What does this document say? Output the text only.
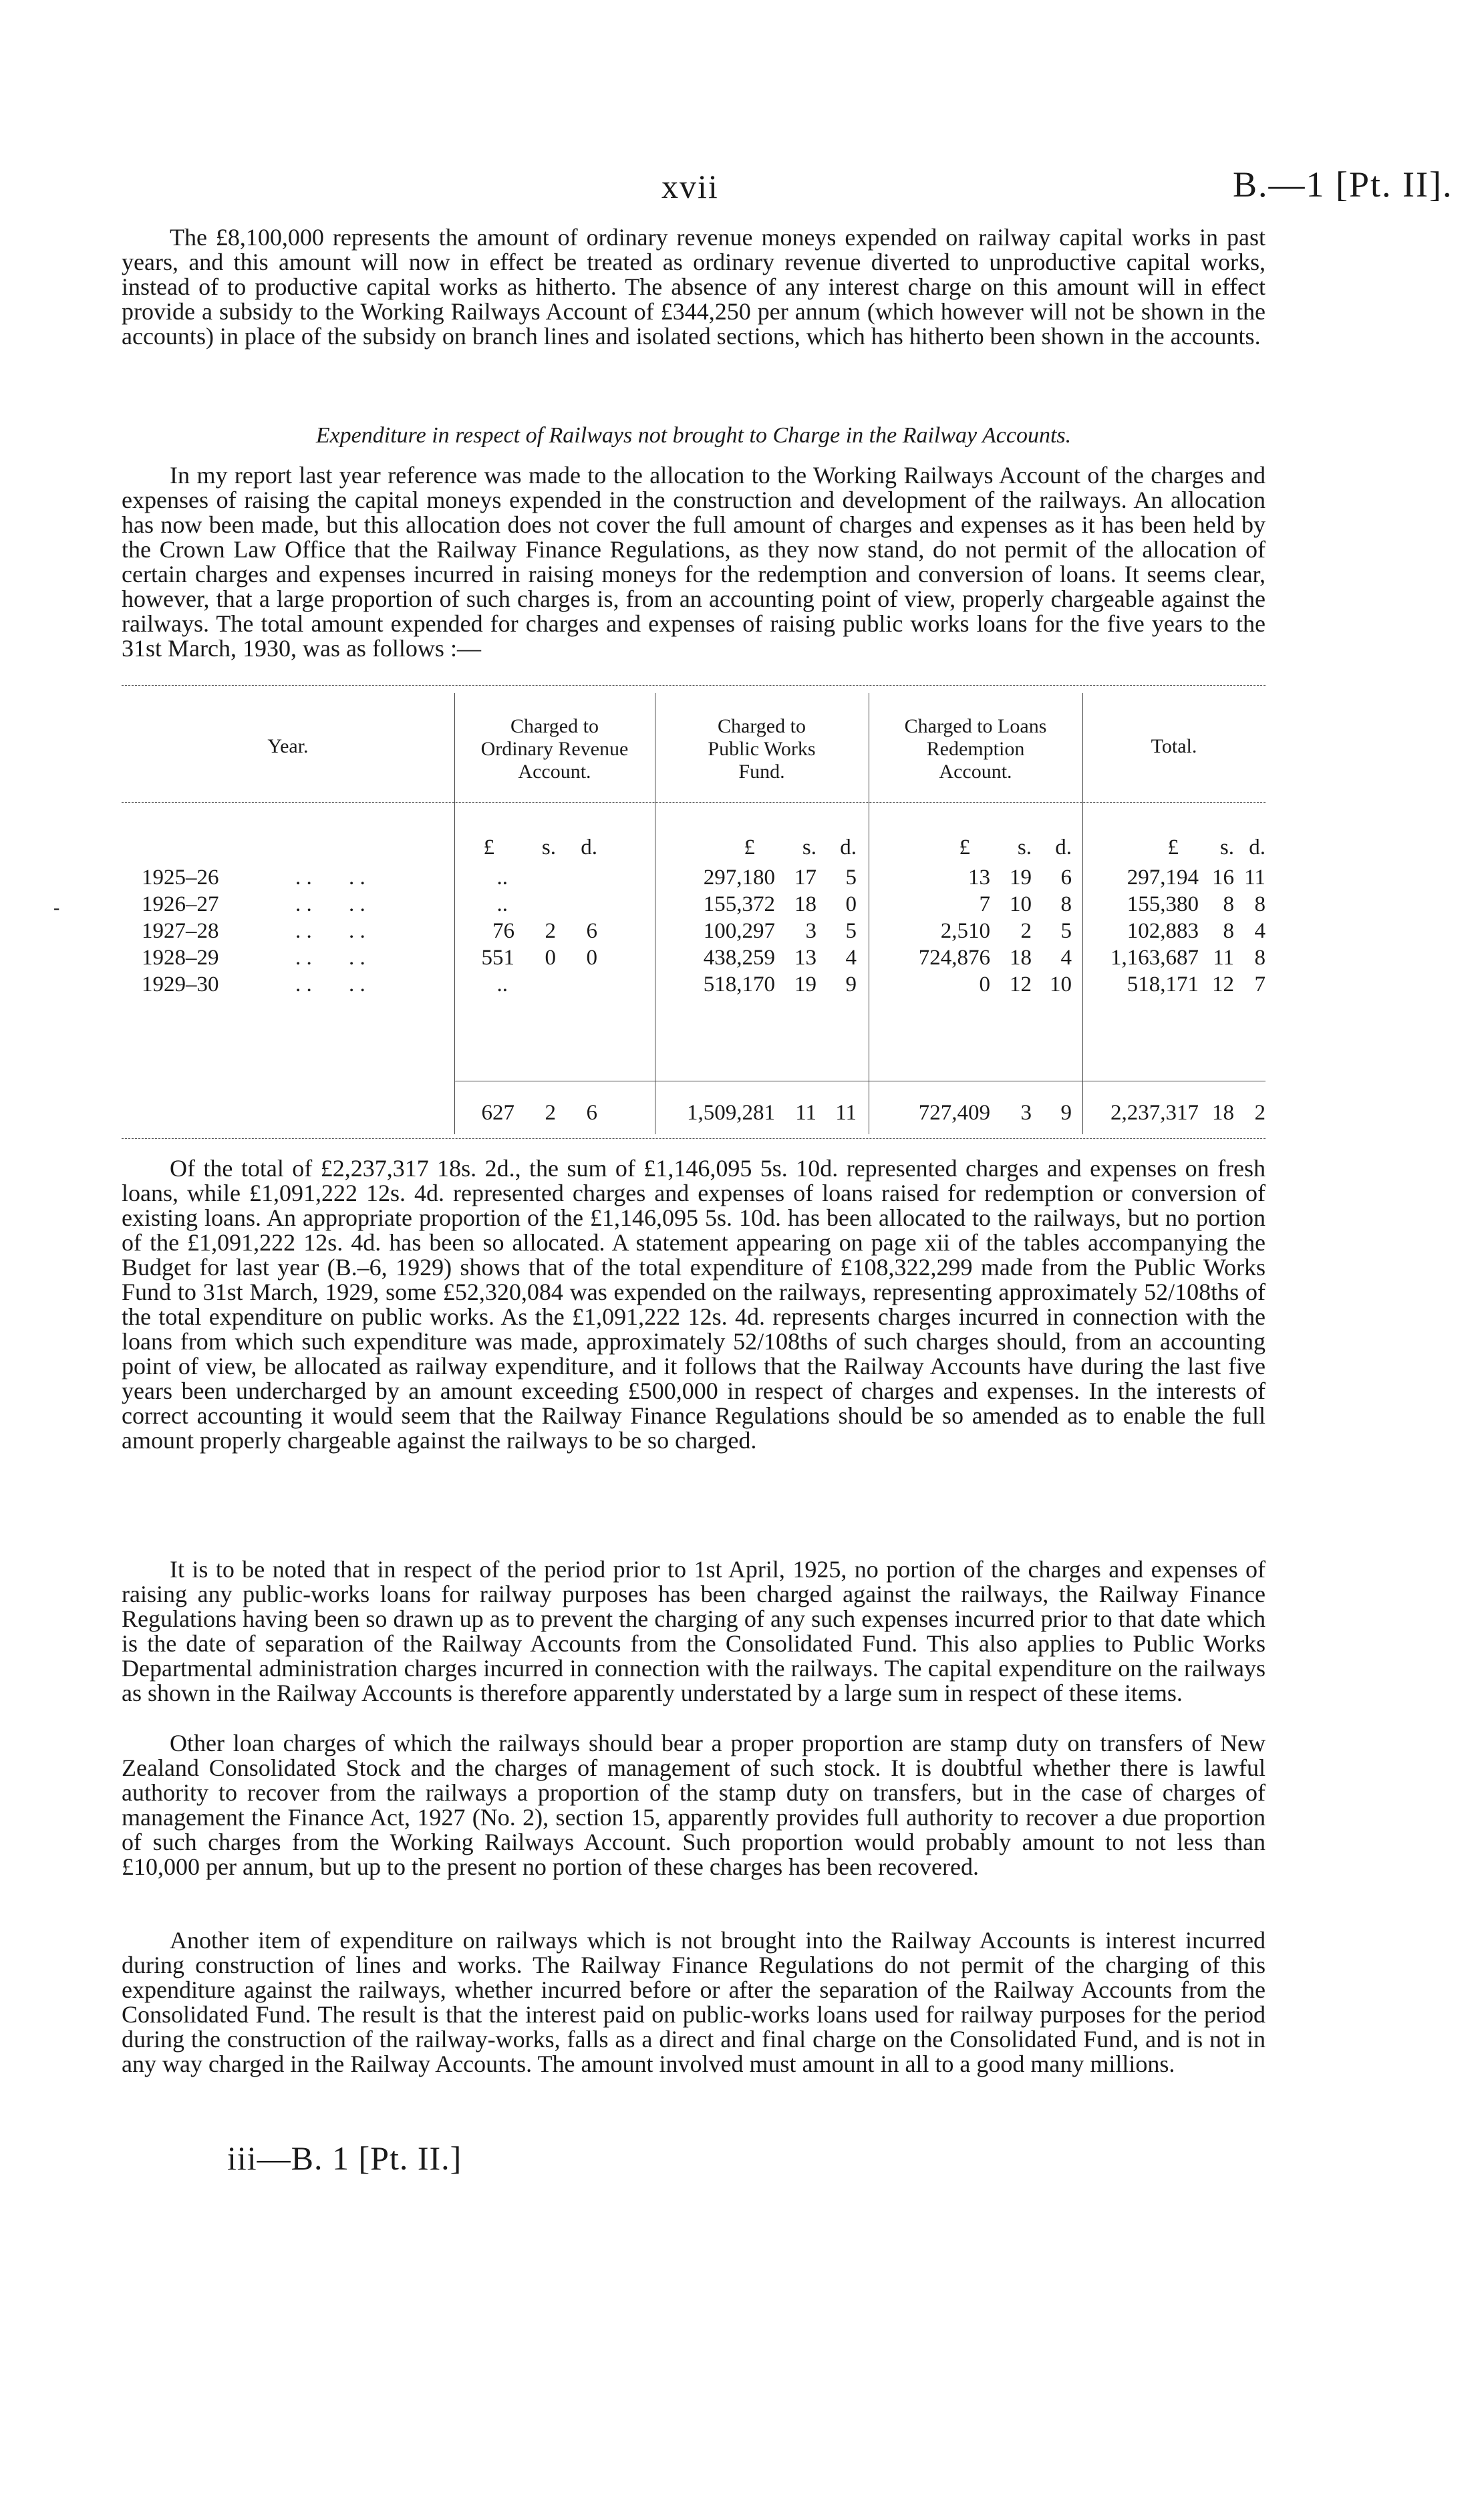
xvii	B.—1 [Pt. II].

The £8,100,000 represents the amount of ordinary revenue moneys expended on railway capital works in past years, and this amount will now in effect be treated as ordinary revenue diverted to unproductive capital works, instead of to productive capital works as hitherto. The absence of any interest charge on this amount will in effect provide a subsidy to the Working Railways Account of £344,250 per annum (which however will not be shown in the accounts) in place of the subsidy on branch lines and isolated sections, which has hitherto been shown in the accounts.

Expenditure in respect of Railways not brought to Charge in the Railway Accounts.

In my report last year reference was made to the allocation to the Working Railways Account of the charges and expenses of raising the capital moneys expended in the construction and development of the railways. An allocation has now been made, but this allocation does not cover the full amount of charges and expenses as it has been held by the Crown Law Office that the Railway Finance Regulations, as they now stand, do not permit of the allocation of certain charges and expenses incurred in raising moneys for the redemption and conversion of loans. It seems clear, however, that a large proportion of such charges is, from an accounting point of view, properly chargeable against the railways. The total amount expended for charges and expenses of raising public works loans for the five years to the 31st March, 1930, was as follows :—

-
Year.
Charged to
Ordinary Revenue
Account.
Charged to
Public Works
Fund.
Charged to Loans
Redemption
Account.
Total.
£	s.	d.	£	s.	d.	£	s.	d.	£	s. d.
1925–26	. . . .	..	297,180 17	5	13 19	6	297,194 16 11
1926–27	. . . .	..	155,372 18	0	7 10	8	155,380	8 8
1927–28	. . . .	76	2	6	100,297	3	5	2,510	2	5	102,883	8 4
1928–29	. . . .	551	0	0	438,259 13	4	724,876 18	4	1,163,687 11 8
1929–30	. . . .	..	518,170 19	9	0 12 10	518,171 12 7
627	2	6	1,509,281 11 11	727,409	3	9	2,237,317 18 2

Of the total of £2,237,317 18s. 2d., the sum of £1,146,095 5s. 10d. represented charges and expenses on fresh loans, while £1,091,222 12s. 4d. represented charges and expenses of loans raised for redemption or conversion of existing loans. An appropriate proportion of the £1,146,095 5s. 10d. has been allocated to the railways, but no portion of the £1,091,222 12s. 4d. has been so allocated. A statement appearing on page xii of the tables accompanying the Budget for last year (B.–6, 1929) shows that of the total expenditure of £108,322,299 made from the Public Works Fund to 31st March, 1929, some £52,320,084 was expended on the railways, representing approximately 52/108ths of the total expenditure on public works. As the £1,091,222 12s. 4d. represents charges incurred in connection with the loans from which such expenditure was made, approximately 52/108ths of such charges should, from an accounting point of view, be allocated as railway expenditure, and it follows that the Railway Accounts have during the last five years been undercharged by an amount exceeding £500,000 in respect of charges and expenses. In the interests of correct accounting it would seem that the Railway Finance Regulations should be so amended as to enable the full amount properly chargeable against the railways to be so charged.

It is to be noted that in respect of the period prior to 1st April, 1925, no portion of the charges and expenses of raising any public-works loans for railway purposes has been charged against the railways, the Railway Finance Regulations having been so drawn up as to prevent the charging of any such expenses incurred prior to that date which is the date of separation of the Railway Accounts from the Consolidated Fund. This also applies to Public Works Departmental administration charges incurred in connection with the railways. The capital expenditure on the railways as shown in the Railway Accounts is therefore apparently understated by a large sum in respect of these items.

Other loan charges of which the railways should bear a proper proportion are stamp duty on transfers of New Zealand Consolidated Stock and the charges of management of such stock. It is doubtful whether there is lawful authority to recover from the railways a proportion of the stamp duty on transfers, but in the case of charges of management the Finance Act, 1927 (No. 2), section 15, apparently provides full authority to recover a due proportion of such charges from the Working Railways Account. Such proportion would probably amount to not less than £10,000 per annum, but up to the present no portion of these charges has been recovered.

Another item of expenditure on railways which is not brought into the Railway Accounts is interest incurred during construction of lines and works. The Railway Finance Regulations do not permit of the charging of this expenditure against the railways, whether incurred before or after the separation of the Railway Accounts from the Consolidated Fund. The result is that the interest paid on public-works loans used for railway purposes for the period during the construction of the railway-works, falls as a direct and final charge on the Consolidated Fund, and is not in any way charged in the Railway Accounts. The amount involved must amount in all to a good many millions.

iii—B. 1 [Pt. II.]
